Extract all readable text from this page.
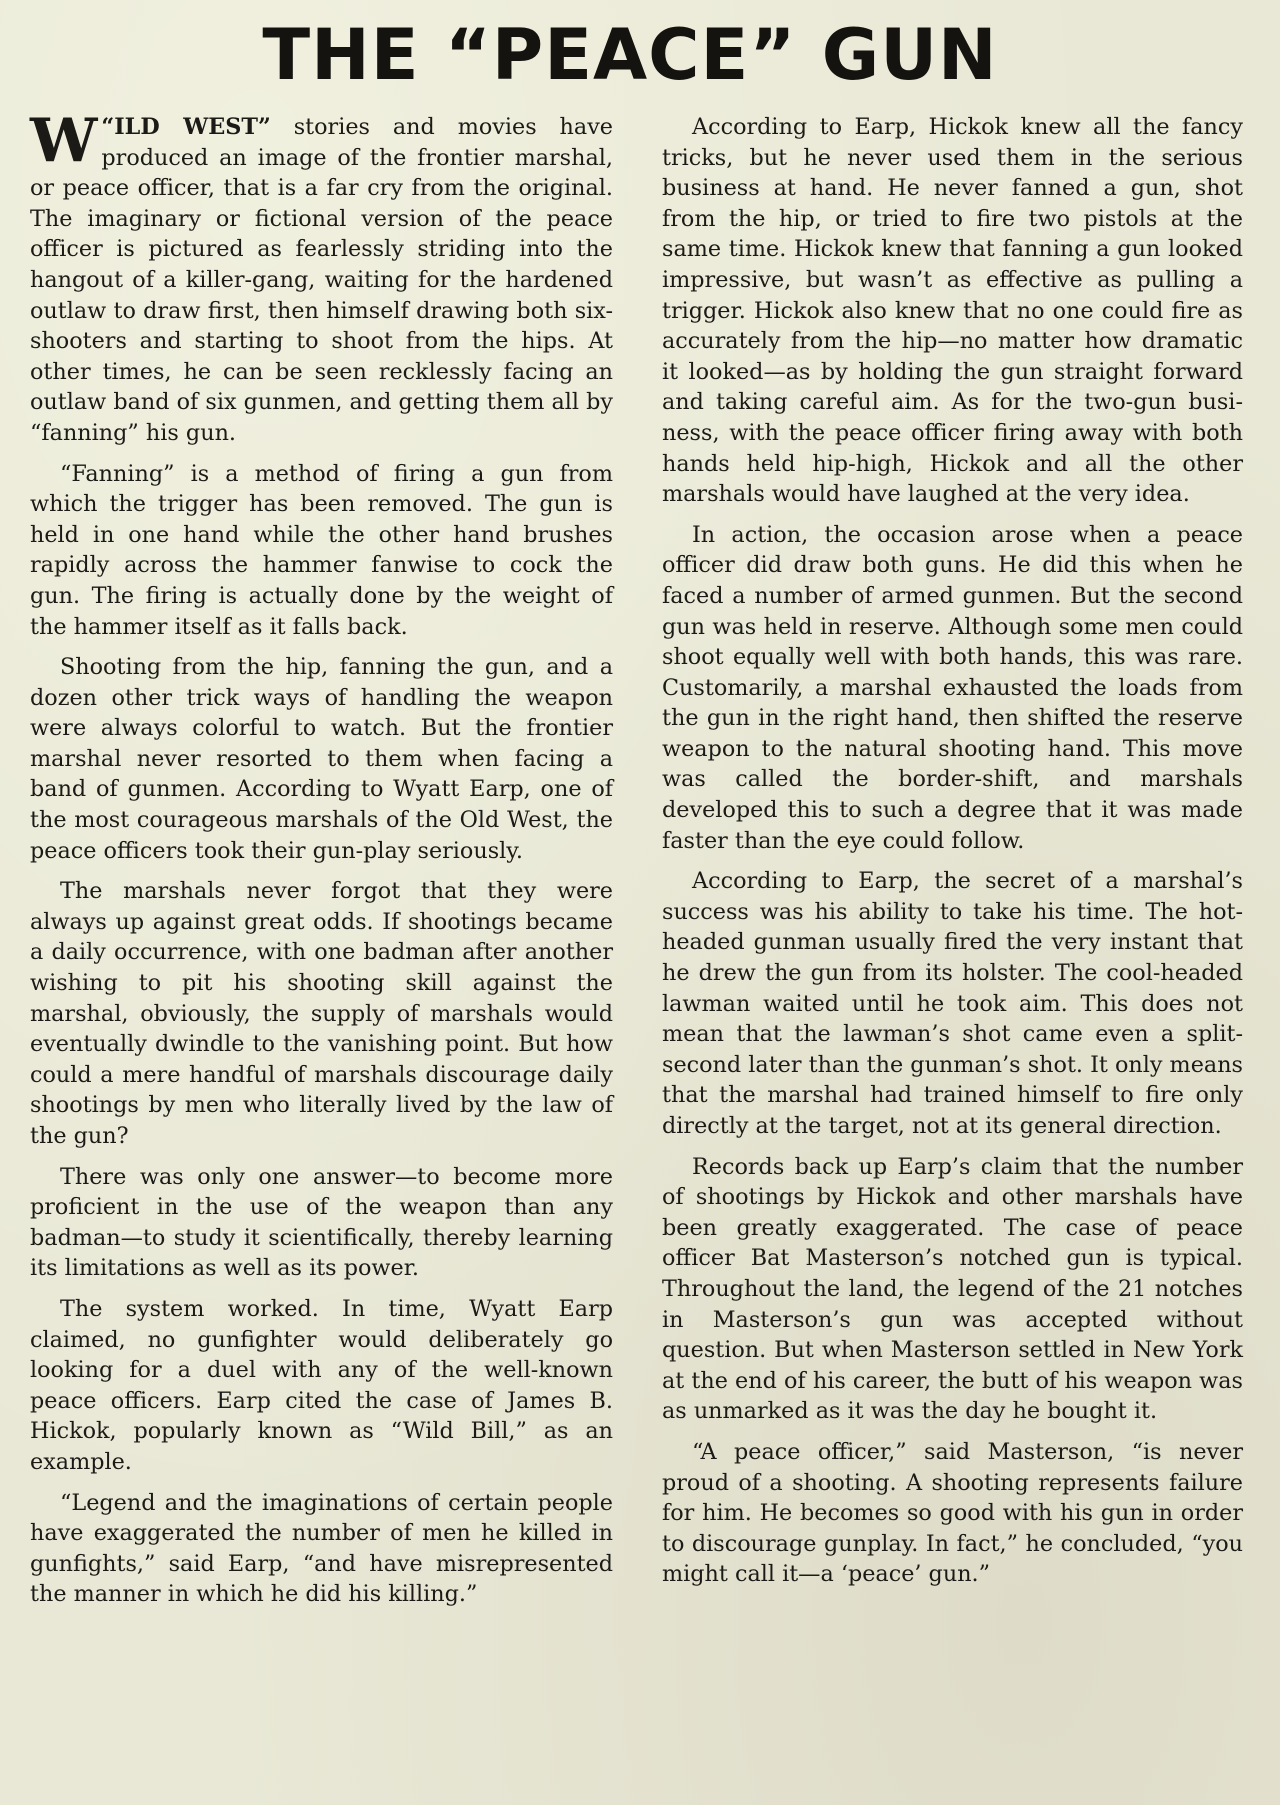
THE “PEACE” GUN

“
W ILD WEST” stories and movies have produced an image of the frontier marshal, or peace officer, that is a far cry from the original. The imaginary or fictional version of the peace officer is pictured as fearlessly striding into the hangout of a killer-gang, waiting for the hardened outlaw to draw first, then himself drawing both six-shooters and starting to shoot from the hips. At other times, he can be seen recklessly facing an outlaw band of six gunmen, and getting them all by “fanning” his gun.

“Fanning” is a method of firing a gun from which the trigger has been removed. The gun is held in one hand while the other hand brushes rapidly across the hammer fanwise to cock the gun. The firing is actually done by the weight of the hammer itself as it falls back.

Shooting from the hip, fanning the gun, and a dozen other trick ways of handling the weapon were always colorful to watch. But the frontier marshal never resorted to them when facing a band of gunmen. According to Wyatt Earp, one of the most courageous marshals of the Old West, the peace officers took their gun-play seriously.

The marshals never forgot that they were always up against great odds. If shootings became a daily occurrence, with one badman after another wishing to pit his shooting skill against the marshal, obviously, the supply of marshals would eventually dwindle to the vanishing point. But how could a mere handful of marshals discourage daily shootings by men who literally lived by the law of the gun?

There was only one answer—to become more proficient in the use of the weapon than any badman—to study it scientifically, thereby learning its limitations as well as its power.

The system worked. In time, Wyatt Earp claimed, no gunfighter would deliberately go looking for a duel with any of the well-known peace officers. Earp cited the case of James B. Hickok, popularly known as “Wild Bill,” as an example.

“Legend and the imaginations of certain people have exaggerated the number of men he killed in gunfights,” said Earp, “and have misrepresented the manner in which he did his killing.”

According to Earp, Hickok knew all the fancy tricks, but he never used them in the serious business at hand. He never fanned a gun, shot from the hip, or tried to fire two pistols at the same time. Hickok knew that fanning a gun looked impressive, but wasn’t as effective as pulling a trigger. Hickok also knew that no one could fire as accurately from the hip—no matter how dramatic it looked—as by holding the gun straight forward and taking careful aim. As for the two-gun business, with the peace officer firing away with both hands held hip-high, Hickok and all the other marshals would have laughed at the very idea.

In action, the occasion arose when a peace officer did draw both guns. He did this when he faced a number of armed gunmen. But the second gun was held in reserve. Although some men could shoot equally well with both hands, this was rare. Customarily, a marshal exhausted the loads from the gun in the right hand, then shifted the reserve weapon to the natural shooting hand. This move was called the border-shift, and marshals developed this to such a degree that it was made faster than the eye could follow.

According to Earp, the secret of a marshal’s success was his ability to take his time. The hot-headed gunman usually fired the very instant that he drew the gun from its holster. The cool-headed lawman waited until he took aim. This does not mean that the lawman’s shot came even a split-second later than the gunman’s shot. It only means that the marshal had trained himself to fire only directly at the target, not at its general direction.

Records back up Earp’s claim that the number of shootings by Hickok and other marshals have been greatly exaggerated. The case of peace officer Bat Masterson’s notched gun is typical. Throughout the land, the legend of the 21 notches in Masterson’s gun was accepted without question. But when Masterson settled in New York at the end of his career, the butt of his weapon was as unmarked as it was the day he bought it.

“A peace officer,” said Masterson, “is never proud of a shooting. A shooting represents failure for him. He becomes so good with his gun in order to discourage gunplay. In fact,” he concluded, “you might call it—a ‘peace’ gun.”
